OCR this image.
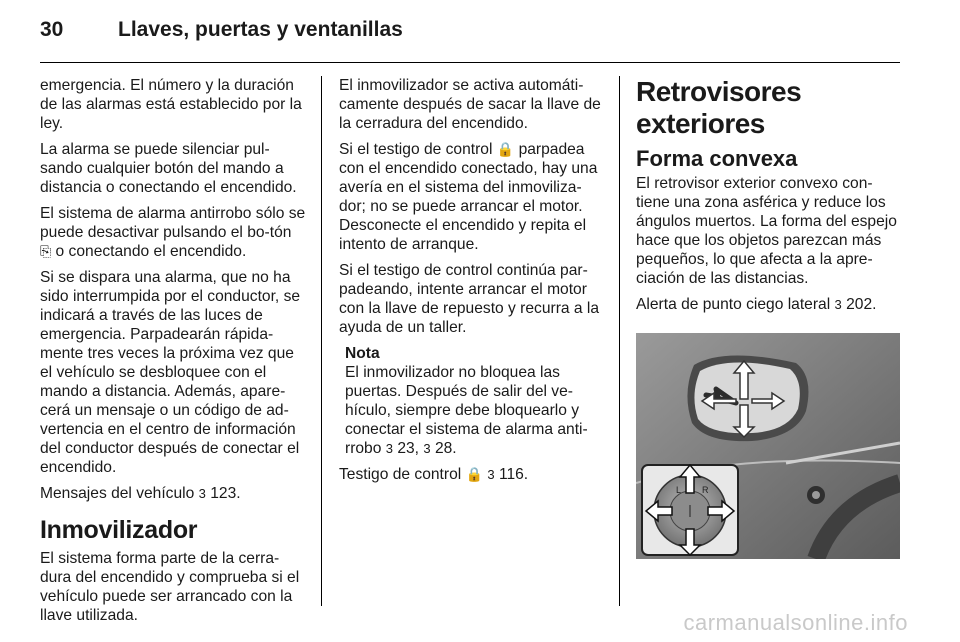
30	Llaves, puertas y ventanillas

emergencia. El número y la duración de las alarmas está establecido por la ley.

La alarma se puede silenciar pul-sando cualquier botón del mando a distancia o conectando el encendido.

El sistema de alarma antirrobo sólo se puede desactivar pulsando el bo-tón ⎘ o conectando el encendido.

Si se dispara una alarma, que no ha sido interrumpida por el conductor, se indicará a través de las luces de emergencia. Parpadearán rápida-mente tres veces la próxima vez que el vehículo se desbloquee con el mando a distancia. Además, apare-cerá un mensaje o un código de ad-vertencia en el centro de información del conductor después de conectar el encendido.

Mensajes del vehículo 3 123.

Inmovilizador

El sistema forma parte de la cerra-dura del encendido y comprueba si el vehículo puede ser arrancado con la llave utilizada.

El inmovilizador se activa automáti-camente después de sacar la llave de la cerradura del encendido.

Si el testigo de control 🔒 parpadea con el encendido conectado, hay una avería en el sistema del inmoviliza-dor; no se puede arrancar el motor. Desconecte el encendido y repita el intento de arranque.

Si el testigo de control continúa par-padeando, intente arrancar el motor con la llave de repuesto y recurra a la ayuda de un taller.

Nota

El inmovilizador no bloquea las puertas. Después de salir del ve-hículo, siempre debe bloquearlo y conectar el sistema de alarma anti-rrobo 3 23, 3 28.

Testigo de control 🔒 3 116.

Retrovisores exteriores
Forma convexa

El retrovisor exterior convexo con-tiene una zona asférica y reduce los ángulos muertos. La forma del espejo hace que los objetos parezcan más pequeños, lo que afecta a la apre-ciación de las distancias.

Alerta de punto ciego lateral 3 202.

L R
carmanualsonline.info
